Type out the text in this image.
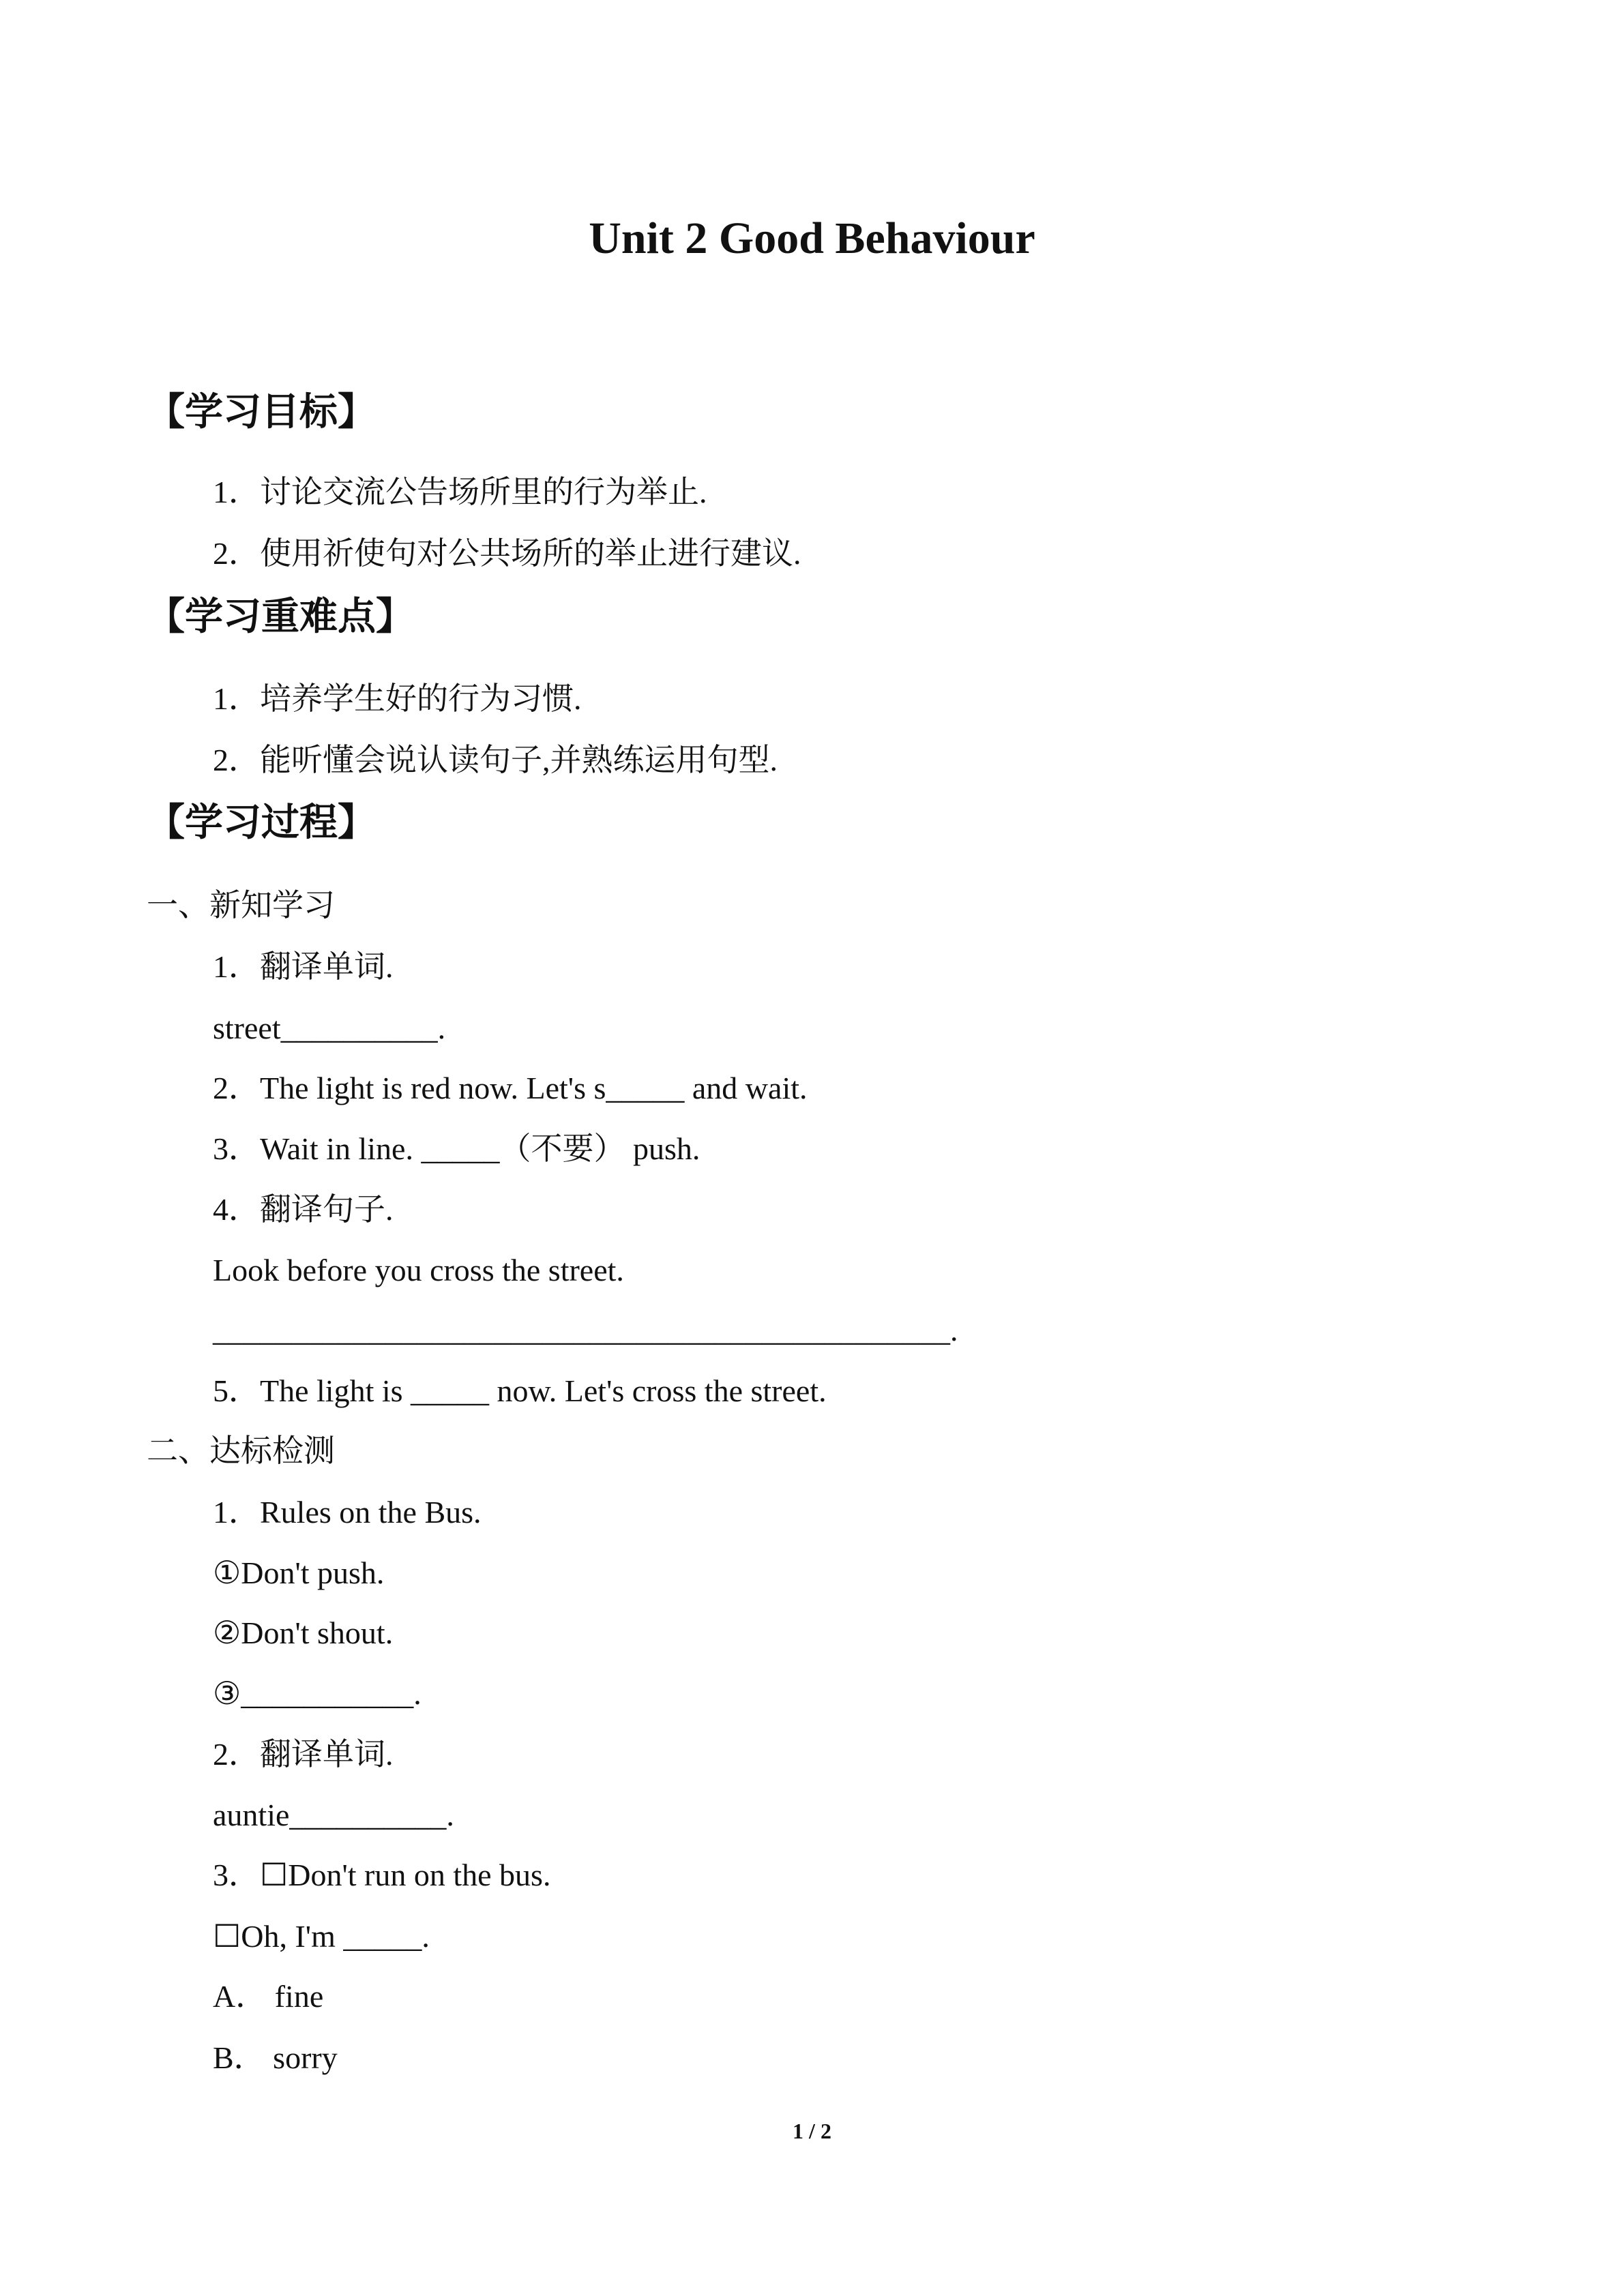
Unit 2 Good Behaviour
【学习目标】
1．讨论交流公告场所里的行为举止.
2．使用祈使句对公共场所的举止进行建议.
【学习重难点】
1．培养学生好的行为习惯.
2．能听懂会说认读句子,并熟练运用句型.
【学习过程】
一、新知学习
1．翻译单词.
street__________.
2．The light is red now. Let's s_____ and wait.
3．Wait in line. _____（不要） push.
4．翻译句子.
Look before you cross the street.
_______________________________________________.
5．The light is _____ now. Let's cross the street.
二、达标检测
1．Rules on the Bus.
①Don't push.
②Don't shout.
③___________.
2．翻译单词.
auntie__________.
3．☐Don't run on the bus.
☐Oh, I'm _____.
A． fine
B． sorry
1 / 2
